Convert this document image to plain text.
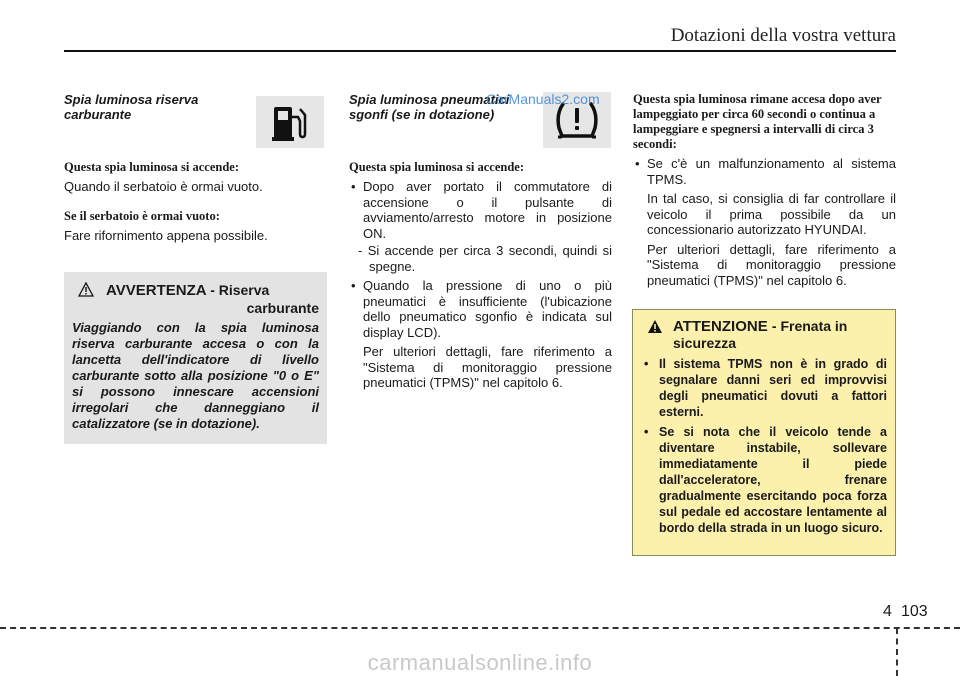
Dotazioni della vostra vettura
Spia luminosa riserva carburante
Questa spia luminosa si accende:
Quando il serbatoio è ormai vuoto.
Se il serbatoio è ormai vuoto:
Fare rifornimento appena possibile.
AVVERTENZA - Riserva
carburante
Viaggiando con la spia luminosa riserva carburante accesa o con la lancetta dell'indicatore di livello carburante sotto alla posizione "0 o E" si possono innescare accensioni irregolari che danneggiano il catalizzatore (se in dotazione).
Spia luminosa pneumatici sgonfi (se in dotazione)
Questa spia luminosa si accende:
• Dopo aver portato il commutatore di accensione o il pulsante di avviamento/arresto motore in posizione ON.
- Si accende per circa 3 secondi, quindi si spegne.
• Quando la pressione di uno o più pneumatici è insufficiente (l'ubicazione dello pneumatico sgonfio è indicata sul display LCD).
Per ulteriori dettagli, fare riferimento a "Sistema di monitoraggio pressione pneumatici (TPMS)" nel capitolo 6.
CarManuals2.com	Questa spia luminosa rimane accesa dopo aver lampeggiato per circa 60 secondi o continua a lampeggiare e spegnersi a intervalli di circa 3 secondi:
• Se c'è un malfunzionamento al sistema TPMS.
In tal caso, si consiglia di far controllare il veicolo il prima possibile da un concessionario autorizzato HYUNDAI.
Per ulteriori dettagli, fare riferimento a "Sistema di monitoraggio pressione pneumatici (TPMS)" nel capitolo 6.
ATTENZIONE - Frenata in
sicurezza
• Il sistema TPMS non è in grado di segnalare danni seri ed improvvisi degli pneumatici dovuti a fattori esterni.
• Se si nota che il veicolo tende a diventare instabile, sollevare immediatamente il piede dall'acceleratore, frenare gradualmente esercitando poca forza sul pedale ed accostare lentamente al bordo della strada in un luogo sicuro.
4 103
carmanualsonline.info
